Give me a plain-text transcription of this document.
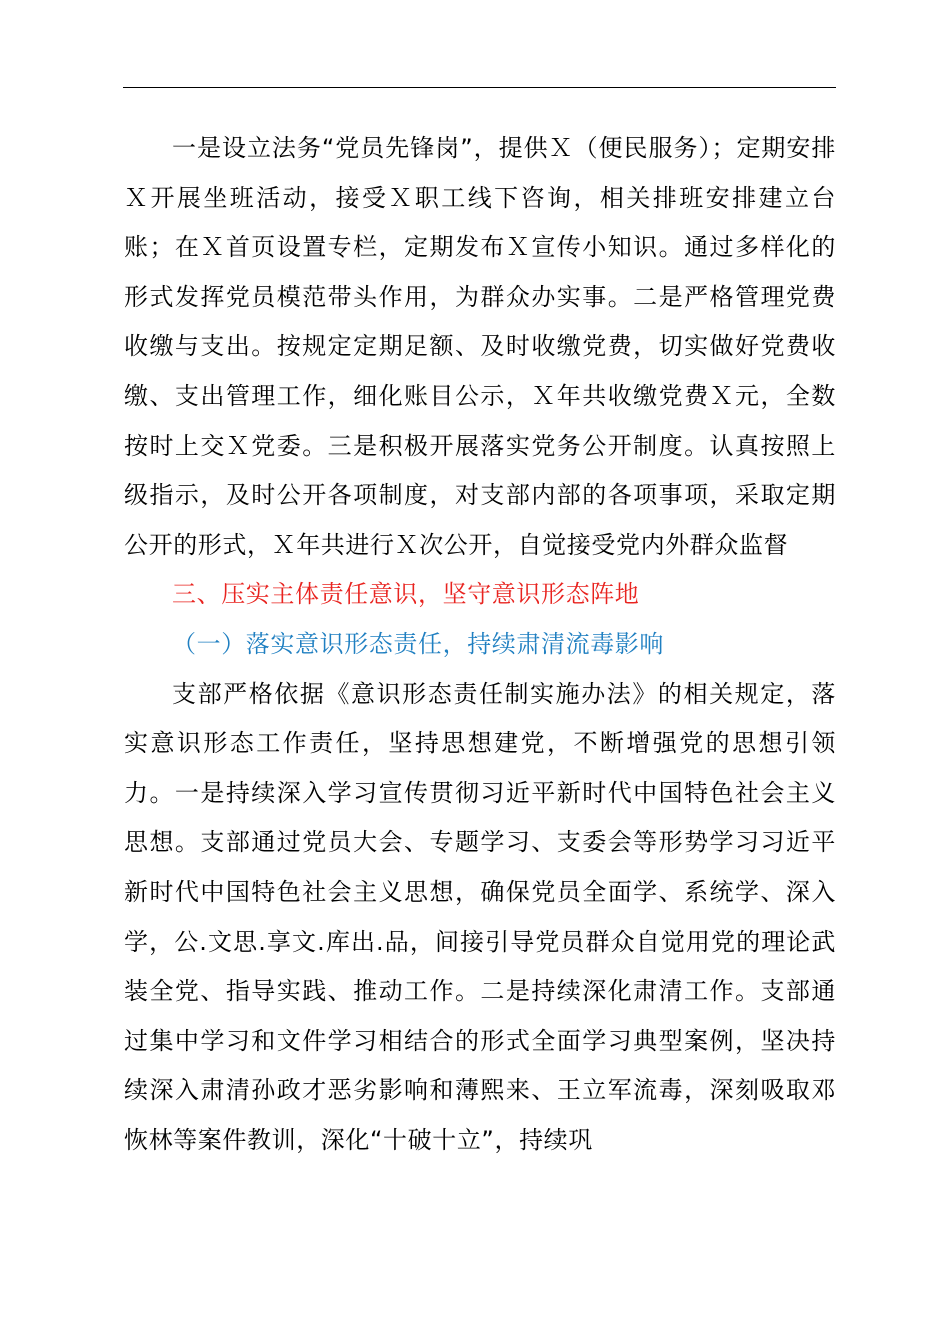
一是设立法务“党员先锋岗”，提供Ｘ（便民服务）；定期安排Ｘ开展坐班活动，接受Ｘ职工线下咨询，相关排班安排建立台账；在Ｘ首页设置专栏，定期发布Ｘ宣传小知识。通过多样化的形式发挥党员模范带头作用，为群众办实事。二是严格管理党费收缴与支出。按规定定期足额、及时收缴党费，切实做好党费收缴、支出管理工作，细化账目公示，Ｘ年共收缴党费Ｘ元，全数按时上交Ｘ党委。三是积极开展落实党务公开制度。认真按照上级指示，及时公开各项制度，对支部内部的各项事项，采取定期公开的形式，Ｘ年共进行Ｘ次公开，自觉接受党内外群众监督

三、压实主体责任意识，坚守意识形态阵地

（一）落实意识形态责任，持续肃清流毒影响

支部严格依据《意识形态责任制实施办法》的相关规定，落实意识形态工作责任，坚持思想建党，不断增强党的思想引领力。一是持续深入学习宣传贯彻习近平新时代中国特色社会主义思想。支部通过党员大会、专题学习、支委会等形势学习习近平新时代中国特色社会主义思想，确保党员全面学、系统学、深入学，公.文思.享文.库出.品，间接引导党员群众自觉用党的理论武装全党、指导实践、推动工作。二是持续深化肃清工作。支部通过集中学习和文件学习相结合的形式全面学习典型案例，坚决持续深入肃清孙政才恶劣影响和薄熙来、王立军流毒，深刻吸取邓恢林等案件教训，深化“十破十立”，持续巩
